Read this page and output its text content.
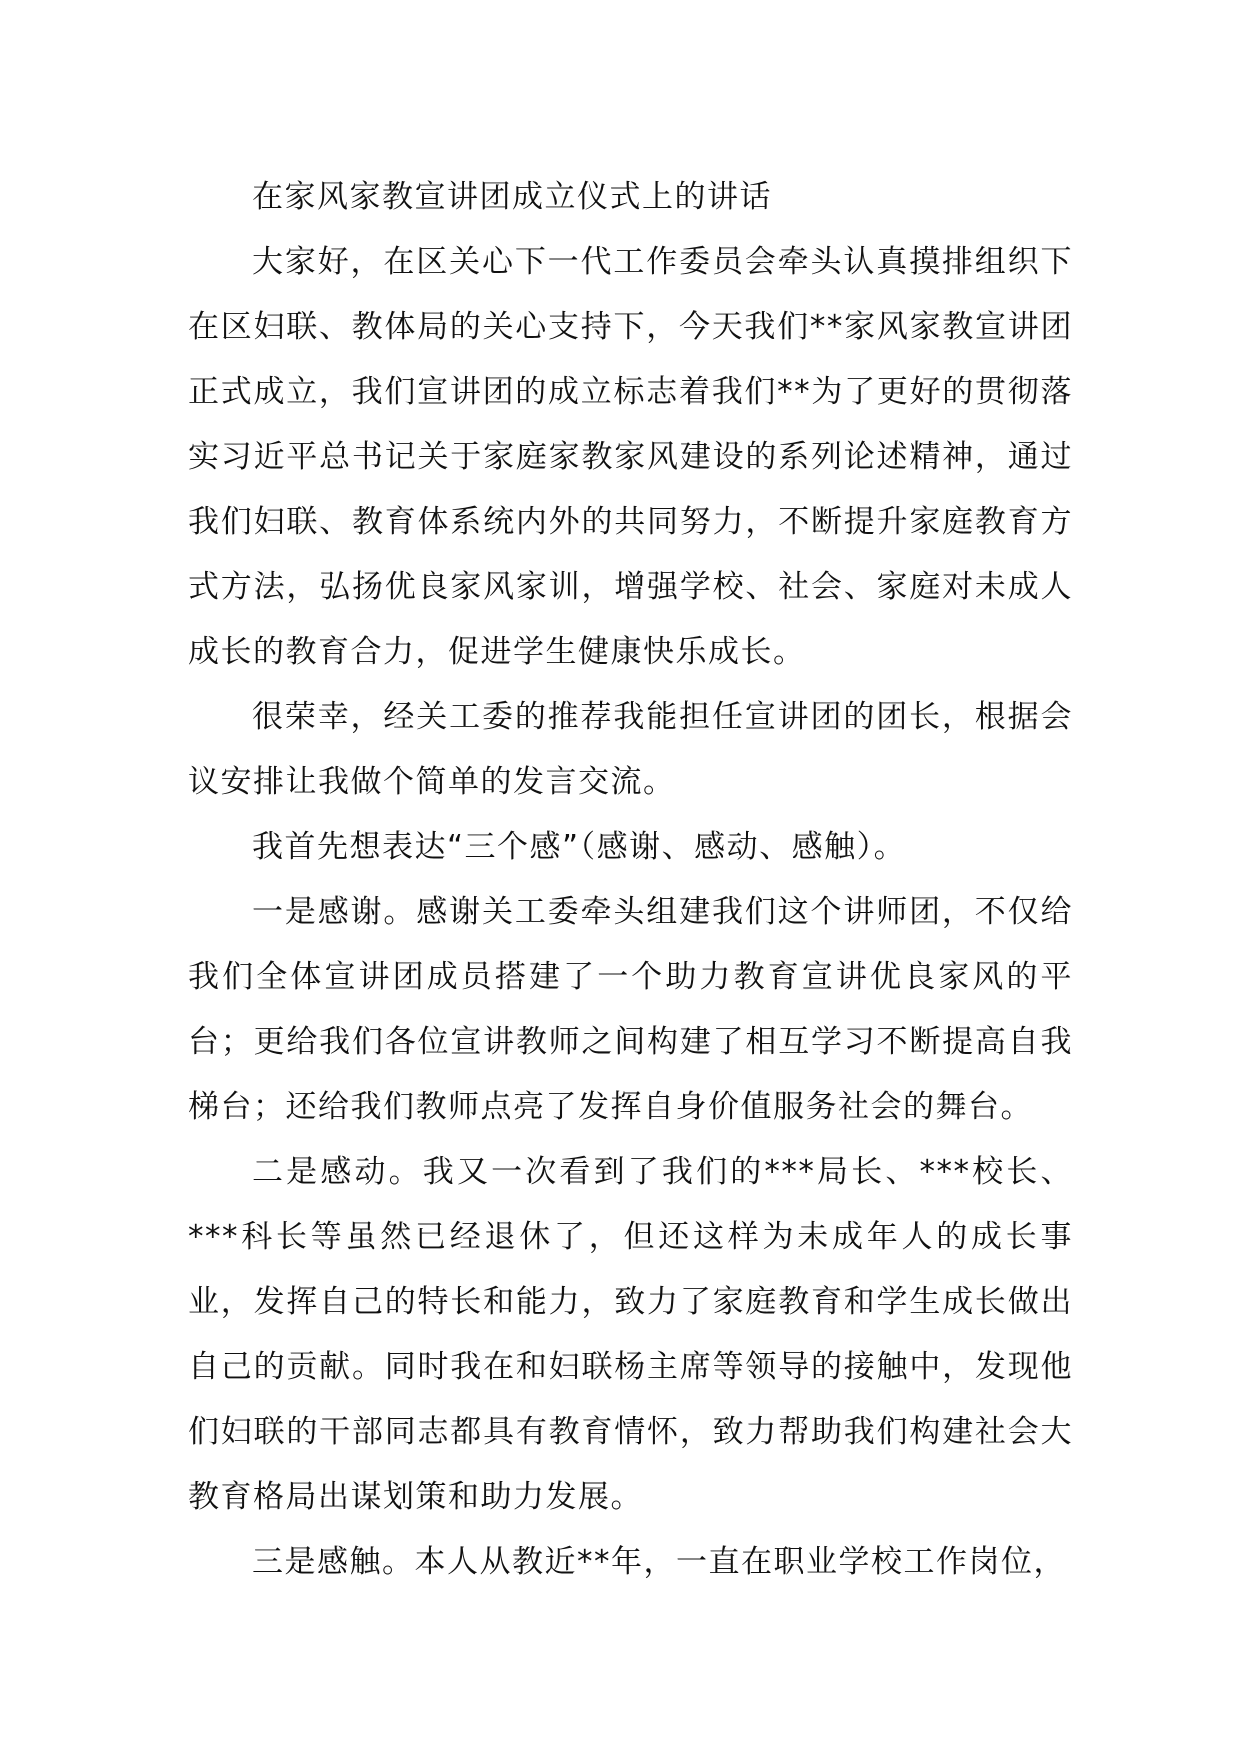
在家风家教宣讲团成立仪式上的讲话

大家好，在区关心下一代工作委员会牵头认真摸排组织下在区妇联、教体局的关心支持下，今天我们**家风家教宣讲团正式成立，我们宣讲团的成立标志着我们**为了更好的贯彻落实习近平总书记关于家庭家教家风建设的系列论述精神，通过我们妇联、教育体系统内外的共同努力，不断提升家庭教育方式方法，弘扬优良家风家训，增强学校、社会、家庭对未成人成长的教育合力，促进学生健康快乐成长。

很荣幸，经关工委的推荐我能担任宣讲团的团长，根据会议安排让我做个简单的发言交流。

我首先想表达“三个感”（感谢、感动、感触）。

一是感谢。感谢关工委牵头组建我们这个讲师团，不仅给我们全体宣讲团成员搭建了一个助力教育宣讲优良家风的平台；更给我们各位宣讲教师之间构建了相互学习不断提高自我梯台；还给我们教师点亮了发挥自身价值服务社会的舞台。

二是感动。我又一次看到了我们的***局长、***校长、***科长等虽然已经退休了，但还这样为未成年人的成长事业，发挥自己的特长和能力，致力了家庭教育和学生成长做出自己的贡献。同时我在和妇联杨主席等领导的接触中，发现他们妇联的干部同志都具有教育情怀，致力帮助我们构建社会大教育格局出谋划策和助力发展。

三是感触。本人从教近**年，一直在职业学校工作岗位，
